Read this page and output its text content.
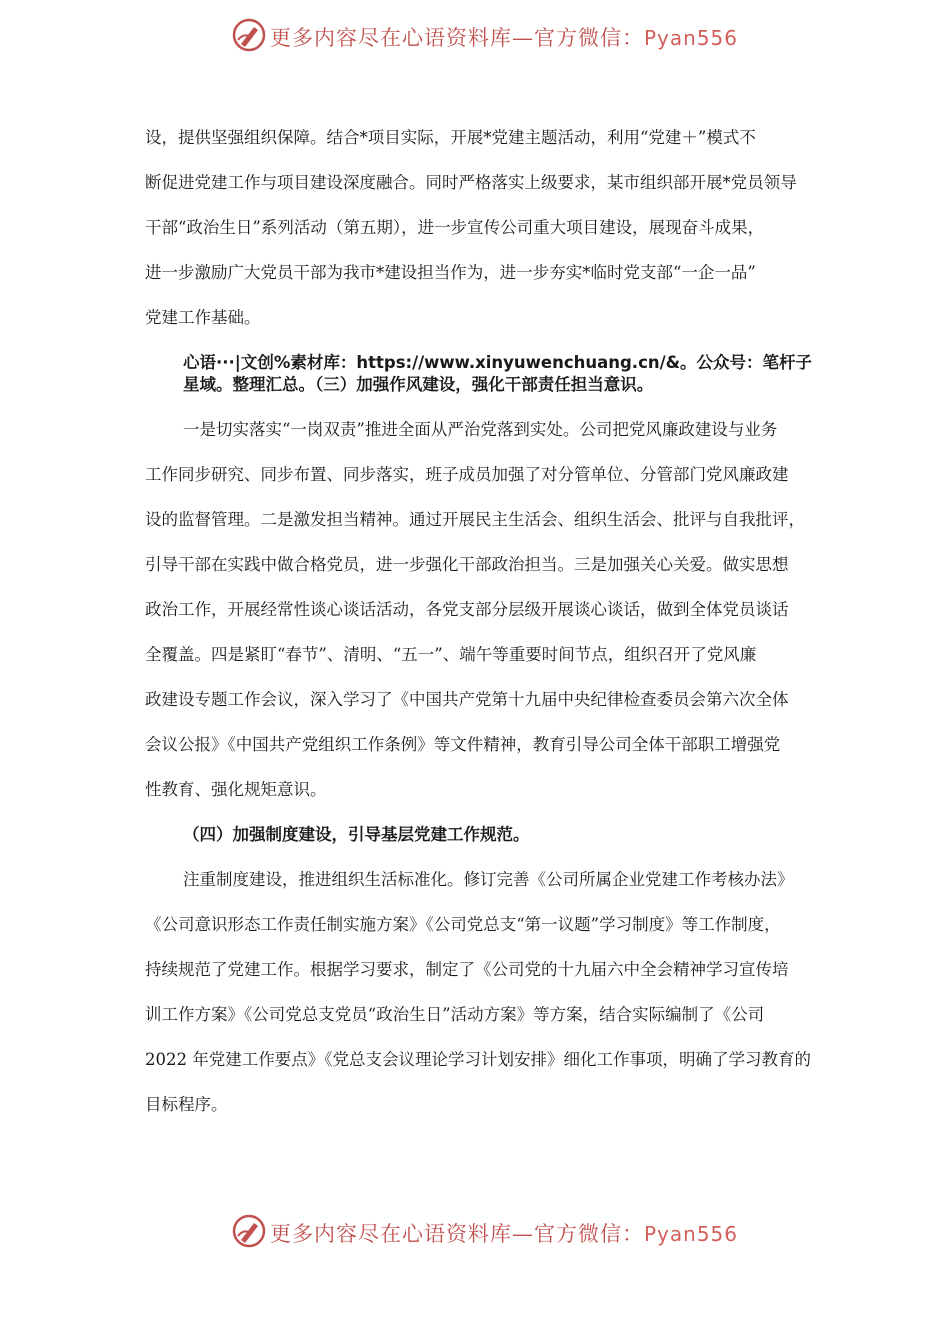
更多内容尽在心语资料库—官方微信：Pyan556
设，提供坚强组织保障。结合*项目实际，开展*党建主题活动，利用“党建＋”模式不
断促进党建工作与项目建设深度融合。同时严格落实上级要求，某市组织部开展*党员领导
干部“政治生日”系列活动（第五期），进一步宣传公司重大项目建设，展现奋斗成果，
进一步激励广大党员干部为我市*建设担当作为，进一步夯实*临时党支部“一企一品”
党建工作基础。
心语···|文创%素材库：https://www.xinyuwenchuang.cn/&。公众号：笔杆子
星域。整理汇总。（三）加强作风建设，强化干部责任担当意识。
一是切实落实“一岗双责”推进全面从严治党落到实处。公司把党风廉政建设与业务
工作同步研究、同步布置、同步落实，班子成员加强了对分管单位、分管部门党风廉政建
设的监督管理。二是激发担当精神。通过开展民主生活会、组织生活会、批评与自我批评，
引导干部在实践中做合格党员，进一步强化干部政治担当。三是加强关心关爱。做实思想
政治工作，开展经常性谈心谈话活动，各党支部分层级开展谈心谈话，做到全体党员谈话
全覆盖。四是紧盯“春节”、清明、“五一”、端午等重要时间节点，组织召开了党风廉
政建设专题工作会议，深入学习了《中国共产党第十九届中央纪律检查委员会第六次全体
会议公报》《中国共产党组织工作条例》等文件精神，教育引导公司全体干部职工增强党
性教育、强化规矩意识。
（四）加强制度建设，引导基层党建工作规范。
注重制度建设，推进组织生活标准化。修订完善《公司所属企业党建工作考核办法》
《公司意识形态工作责任制实施方案》《公司党总支“第一议题”学习制度》等工作制度，
持续规范了党建工作。根据学习要求，制定了《公司党的十九届六中全会精神学习宣传培
训工作方案》《公司党总支党员“政治生日”活动方案》等方案，结合实际编制了《公司
2022 年党建工作要点》《党总支会议理论学习计划安排》细化工作事项，明确了学习教育的
目标程序。
更多内容尽在心语资料库—官方微信：Pyan556
